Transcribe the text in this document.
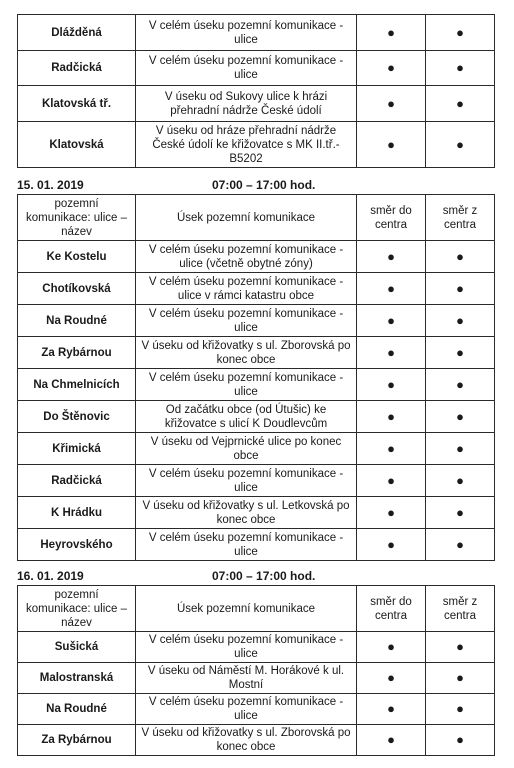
Dlážděná	V celém úseku pozemní komunikace - ulice	●	●
Radčická	V celém úseku pozemní komunikace - ulice	●	●
Klatovská tř.	V úseku od Sukovy ulice k hrázi přehradní nádrže České údolí	●	●
Klatovská	V úseku od hráze přehradní nádrže České údolí ke křižovatce s MK II.tř.- B5202	●	●
15. 01. 2019	07:00 – 17:00 hod.
pozemní komunikace: ulice – název	Úsek pozemní komunikace	směr do centra	směr z centra
Ke Kostelu	V celém úseku pozemní komunikace - ulice (včetně obytné zóny)	●	●
Chotíkovská	V celém úseku pozemní komunikace - ulice v rámci katastru obce	●	●
Na Roudné	V celém úseku pozemní komunikace - ulice	●	●
Za Rybárnou	V úseku od křižovatky s ul. Zborovská po konec obce	●	●
Na Chmelnicích	V celém úseku pozemní komunikace - ulice	●	●
Do Štěnovic	Od začátku obce (od Útušic) ke křižovatce s ulicí K Doudlevcům	●	●
Křimická	V úseku od Vejprnické ulice po konec obce	●	●
Radčická	V celém úseku pozemní komunikace - ulice	●	●
K Hrádku	V úseku od křižovatky s ul. Letkovská po konec obce	●	●
Heyrovského	V celém úseku pozemní komunikace - ulice	●	●
16. 01. 2019	07:00 – 17:00 hod.
pozemní komunikace: ulice – název	Úsek pozemní komunikace	směr do centra	směr z centra
Sušická	V celém úseku pozemní komunikace - ulice	●	●
Malostranská	V úseku od Náměstí M. Horákové k ul. Mostní	●	●
Na Roudné	V celém úseku pozemní komunikace - ulice	●	●
Za Rybárnou	V úseku od křižovatky s ul. Zborovská po konec obce	●	●
